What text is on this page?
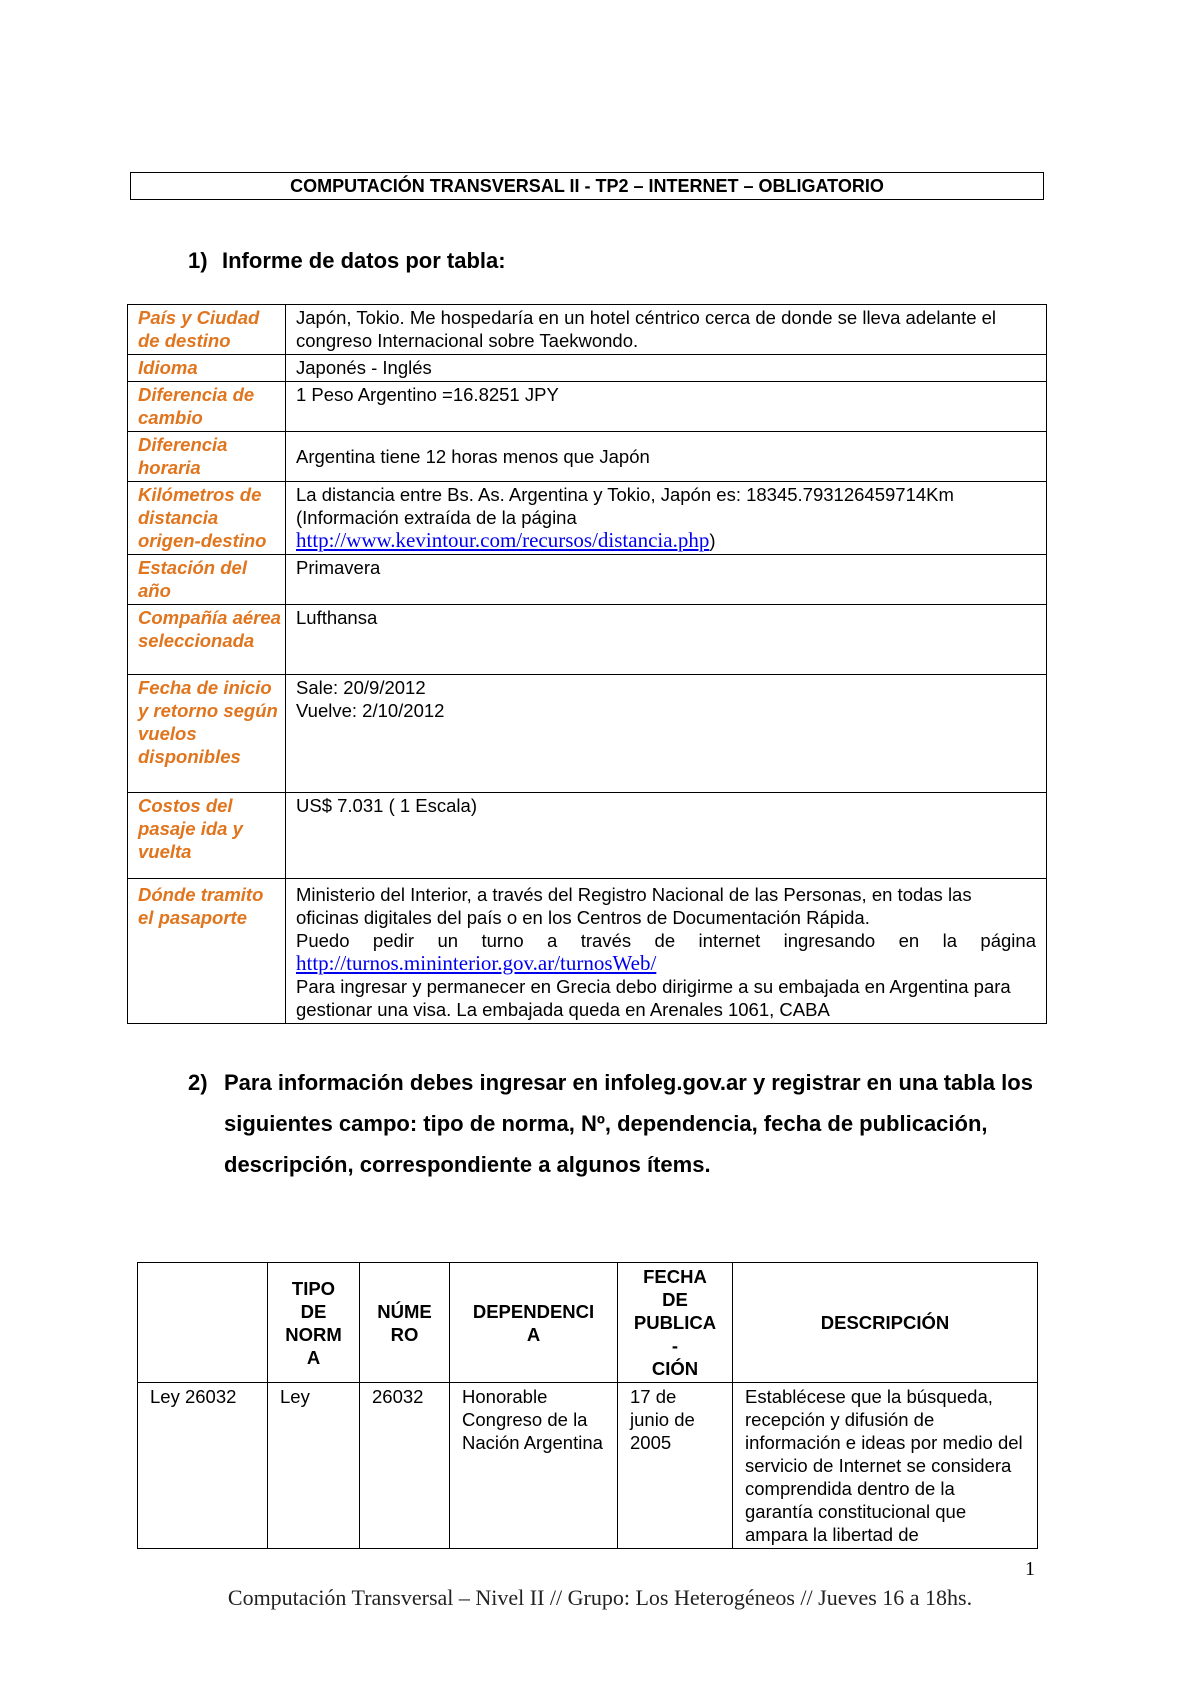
COMPUTACIÓN TRANSVERSAL II - TP2 – INTERNET – OBLIGATORIO
1) Informe de datos por tabla:
País y Ciudad de destino	Japón, Tokio. Me hospedaría en un hotel céntrico cerca de donde se lleva adelante el congreso Internacional sobre Taekwondo.
Idioma	Japonés - Inglés
Diferencia de cambio	1 Peso Argentino =16.8251 JPY
Diferencia horaria	Argentina tiene 12 horas menos que Japón
Kilómetros de distancia origen-destino	La distancia entre Bs. As. Argentina y Tokio, Japón es: 18345.793126459714Km
(Información extraída de la página
http://www.kevintour.com/recursos/distancia.php)

Estación del año	Primavera
Compañía aérea seleccionada	Lufthansa
Fecha de inicio y retorno según vuelos disponibles	Sale: 20/9/2012
Vuelve: 2/10/2012

Costos del pasaje ida y vuelta	US$ 7.031 ( 1 Escala)
Dónde tramito el pasaporte	Ministerio del Interior, a través del Registro Nacional de las Personas, en todas las oficinas digitales del país o en los Centros de Documentación Rápida.
Puedo pedir un turno a través de internet ingresando en la página
http://turnos.mininterior.gov.ar/turnosWeb/
Para ingresar y permanecer en Grecia debo dirigirme a su embajada en Argentina para gestionar una visa. La embajada queda en Arenales 1061, CABA
2) Para información debes ingresar en infoleg.gov.ar y registrar en una tabla los siguientes campo: tipo de norma, Nº, dependencia, fecha de publicación, descripción, correspondiente a algunos ítems.
	TIPO
DE
NORM
A	NÚME
RO	DEPENDENCI
A	FECHA
DE
PUBLICA
-
CIÓN	DESCRIPCIÓN
Ley 26032	Ley	26032	Honorable Congreso de la Nación Argentina	17 de junio de 2005	Establécese que la búsqueda, recepción y difusión de información e ideas por medio del servicio de Internet se considera comprendida dentro de la garantía constitucional que ampara la libertad de
1
Computación Transversal – Nivel II // Grupo: Los Heterogéneos // Jueves 16 a 18hs.
